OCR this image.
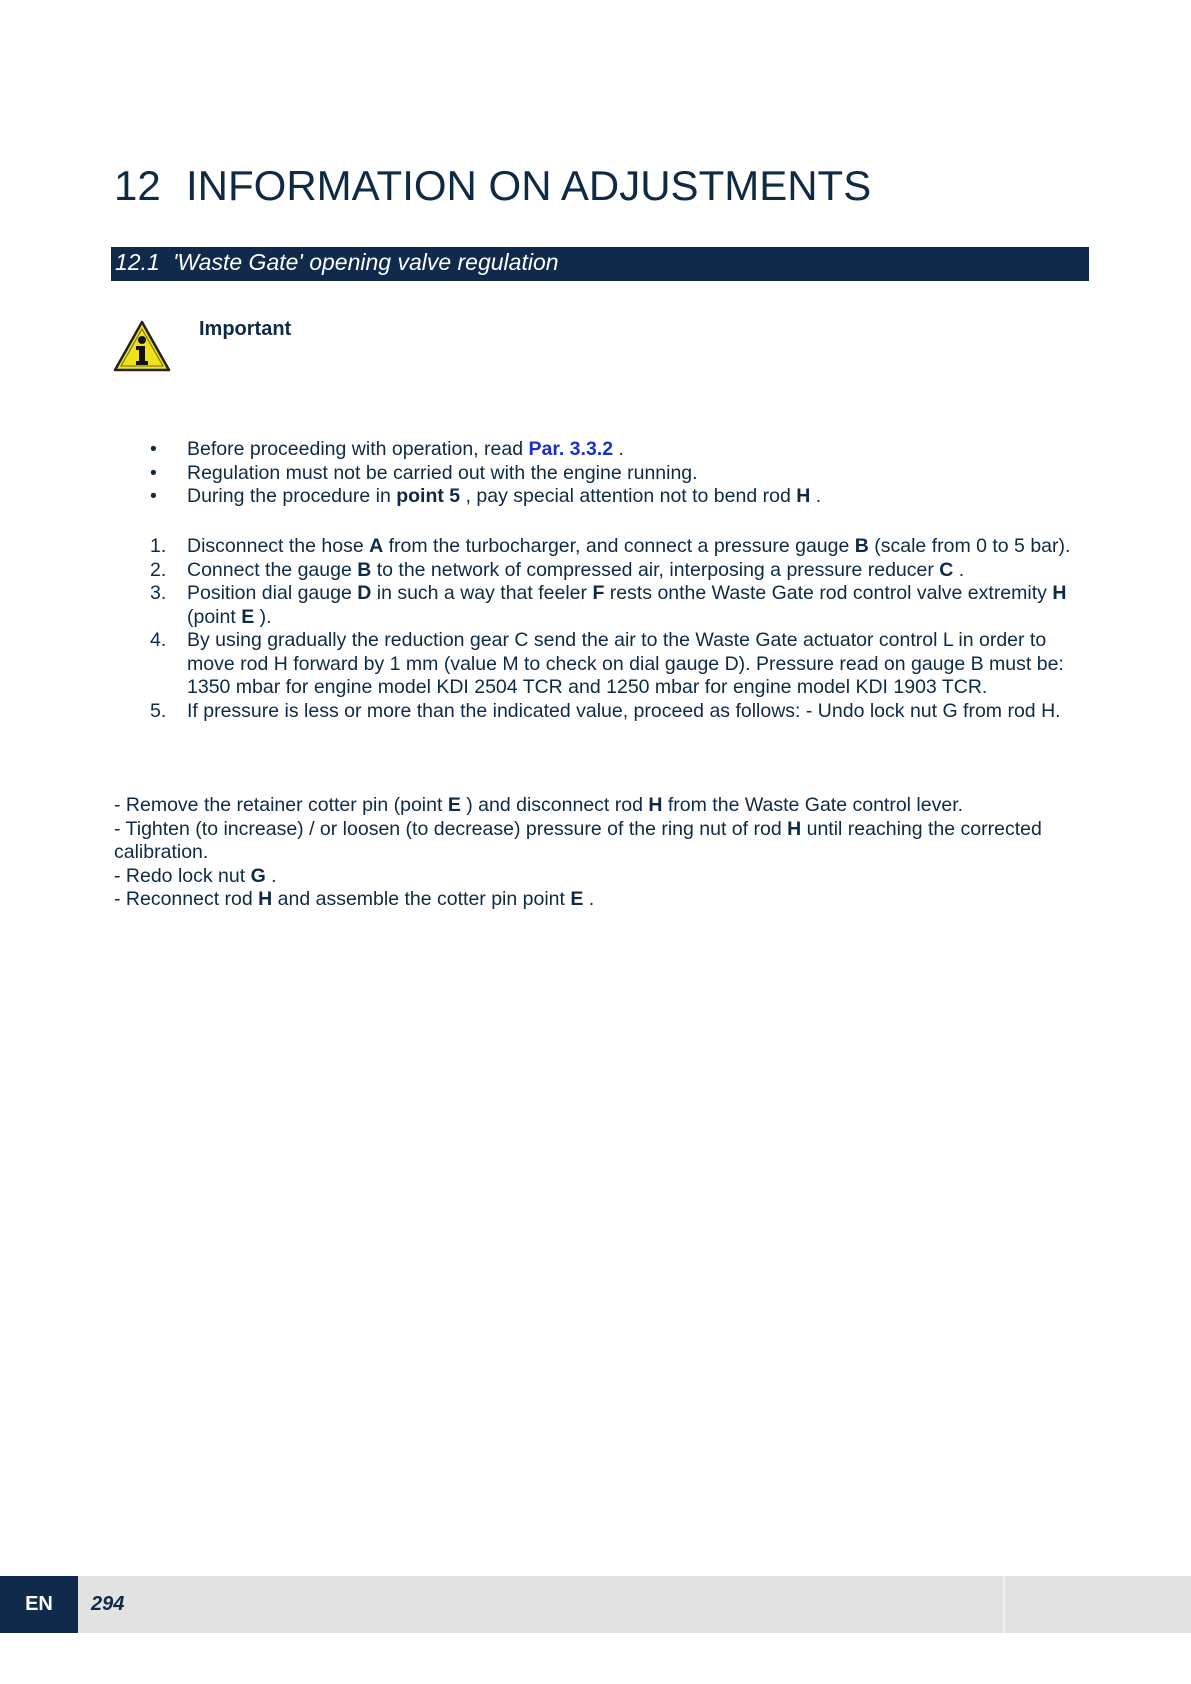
12 INFORMATION ON ADJUSTMENTS
12.1 'Waste Gate' opening valve regulation
Important
• Before proceeding with operation, read Par. 3.3.2 .
• Regulation must not be carried out with the engine running.
• During the procedure in point 5 , pay special attention not to bend rod H .
1. Disconnect the hose A from the turbocharger, and connect a pressure gauge B (scale from 0 to 5 bar).
2. Connect the gauge B to the network of compressed air, interposing a pressure reducer C .
3. Position dial gauge D in such a way that feeler F rests onthe Waste Gate rod control valve extremity H (point E ).
4. By using gradually the reduction gear C send the air to the Waste Gate actuator control L in order to move rod H forward by 1 mm (value M to check on dial gauge D). Pressure read on gauge B must be: 1350 mbar for engine model KDI 2504 TCR and 1250 mbar for engine model KDI 1903 TCR.
5. If pressure is less or more than the indicated value, proceed as follows: - Undo lock nut G from rod H.

- Remove the retainer cotter pin (point E ) and disconnect rod H from the Waste Gate control lever.

- Tighten (to increase) / or loosen (to decrease) pressure of the ring nut of rod H until reaching the corrected calibration.

- Redo lock nut G .

- Reconnect rod H and assemble the cotter pin point E .

EN	294
